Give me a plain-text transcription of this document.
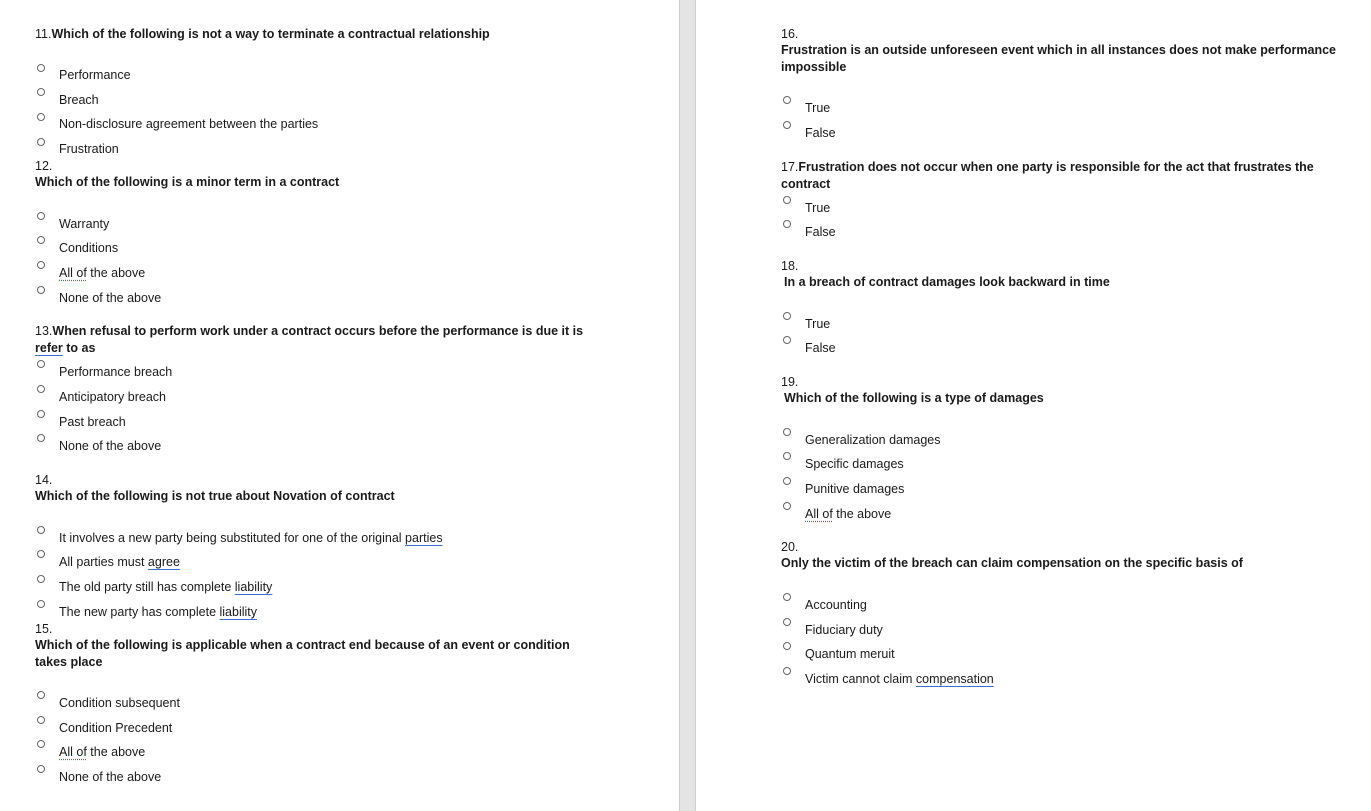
11.Which of the following is not a way to terminate a contractual relationship
Performance
Breach
Non-disclosure agreement between the parties
Frustration
12.
Which of the following is a minor term in a contract
Warranty
Conditions
All of the above
None of the above
13.When refusal to perform work under a contract occurs before the performance is due it is
refer to as
Performance breach
Anticipatory breach
Past breach
None of the above
14.
Which of the following is not true about Novation of contract
It involves a new party being substituted for one of the original parties
All parties must agree
The old party still has complete liability
The new party has complete liability
15.
Which of the following is applicable when a contract end because of an event or condition takes place
Condition subsequent
Condition Precedent
All of the above
None of the above
16.
Frustration is an outside unforeseen event which in all instances does not make performance impossible
True
False
17.Frustration does not occur when one party is responsible for the act that frustrates the contract
True
False
18.
In a breach of contract damages look backward in time
True
False
19.
Which of the following is a type of damages
Generalization damages
Specific damages
Punitive damages
All of the above
20.
Only the victim of the breach can claim compensation on the specific basis of
Accounting
Fiduciary duty
Quantum meruit
Victim cannot claim compensation
